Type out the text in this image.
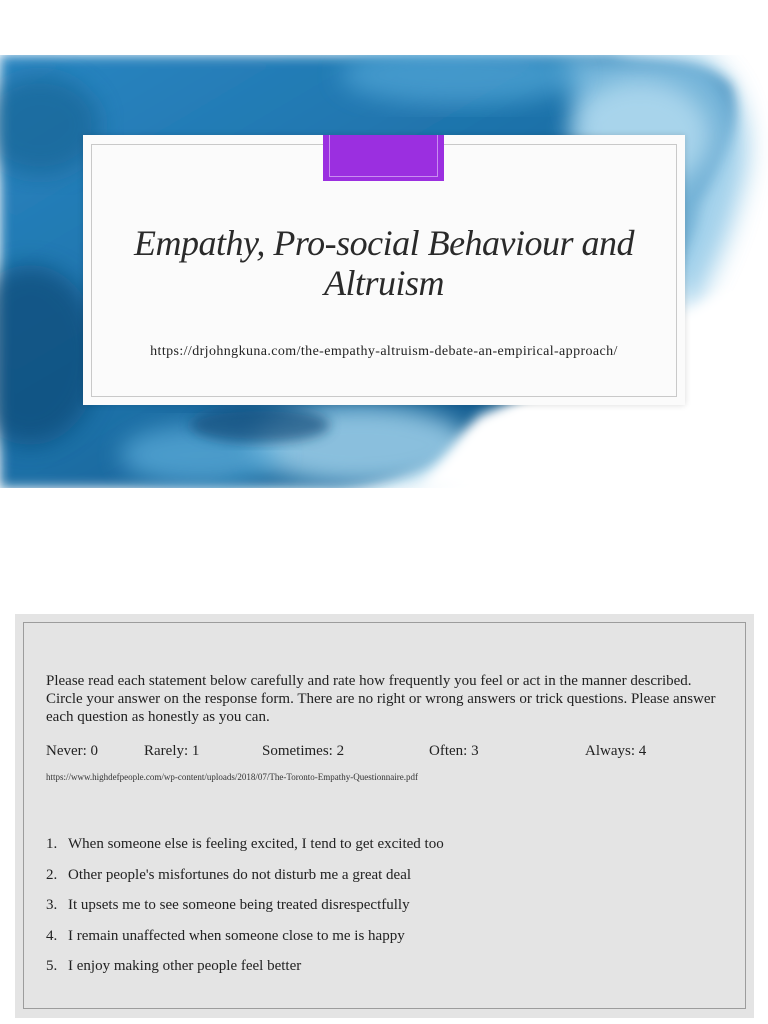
Empathy, Pro-social Behaviour and Altruism
https://drjohngkuna.com/the-empathy-altruism-debate-an-empirical-approach/
Please read each statement below carefully and rate how frequently you feel or act in the manner described. Circle your answer on the response form. There are no right or wrong answers or trick questions. Please answer each question as honestly as you can.
Never: 0	Rarely: 1	Sometimes: 2	Often: 3	Always: 4
https://www.highdefpeople.com/wp-content/uploads/2018/07/The-Toronto-Empathy-Questionnaire.pdf
1. When someone else is feeling excited, I tend to get excited too
2. Other people's misfortunes do not disturb me a great deal
3. It upsets me to see someone being treated disrespectfully
4. I remain unaffected when someone close to me is happy
5. I enjoy making other people feel better
